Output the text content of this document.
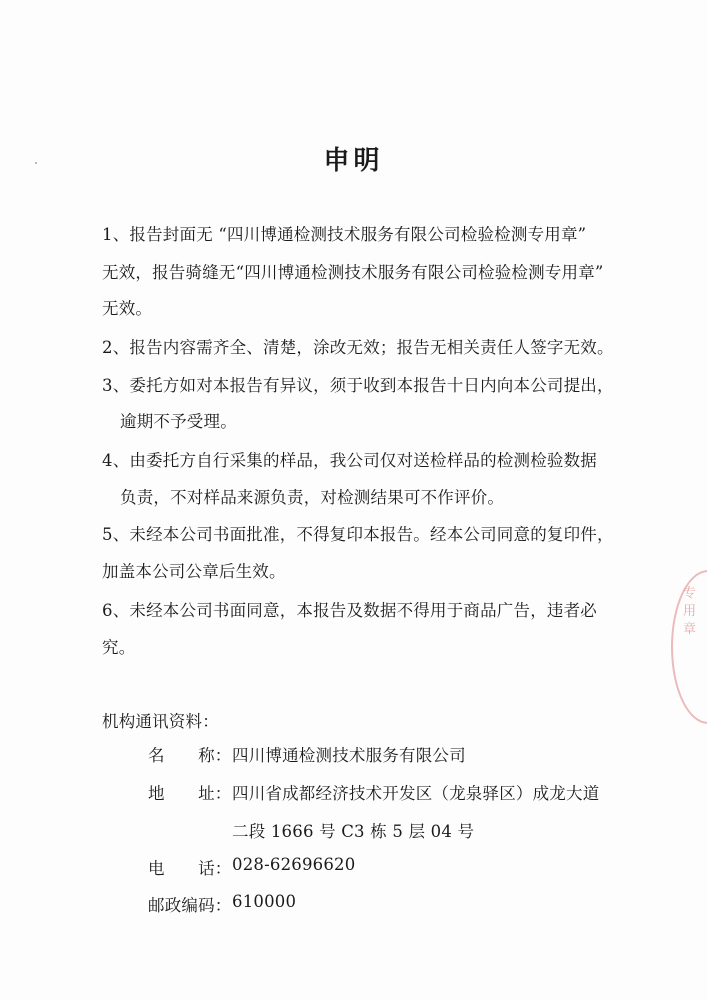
申明
1、报告封面无 “四川博通检测技术服务有限公司检验检测专用章”
无效，报告骑缝无“四川博通检测技术服务有限公司检验检测专用章”
无效。
2、报告内容需齐全、清楚，涂改无效；报告无相关责任人签字无效。
3、委托方如对本报告有异议，须于收到本报告十日内向本公司提出，
逾期不予受理。
4、由委托方自行采集的样品，我公司仅对送检样品的检测检验数据
负责，不对样品来源负责，对检测结果可不作评价。
5、未经本公司书面批准，不得复印本报告。经本公司同意的复印件，
加盖本公司公章后生效。
6、未经本公司书面同意，本报告及数据不得用于商品广告，违者必
究。
机构通讯资料：
名　　称： 四川博通检测技术服务有限公司
地　　址： 四川省成都经济技术开发区（龙泉驿区）成龙大道
二段 1666 号 C3 栋 5 层 04 号
电　　话： 028-62696620
邮政编码： 610000
专用章
